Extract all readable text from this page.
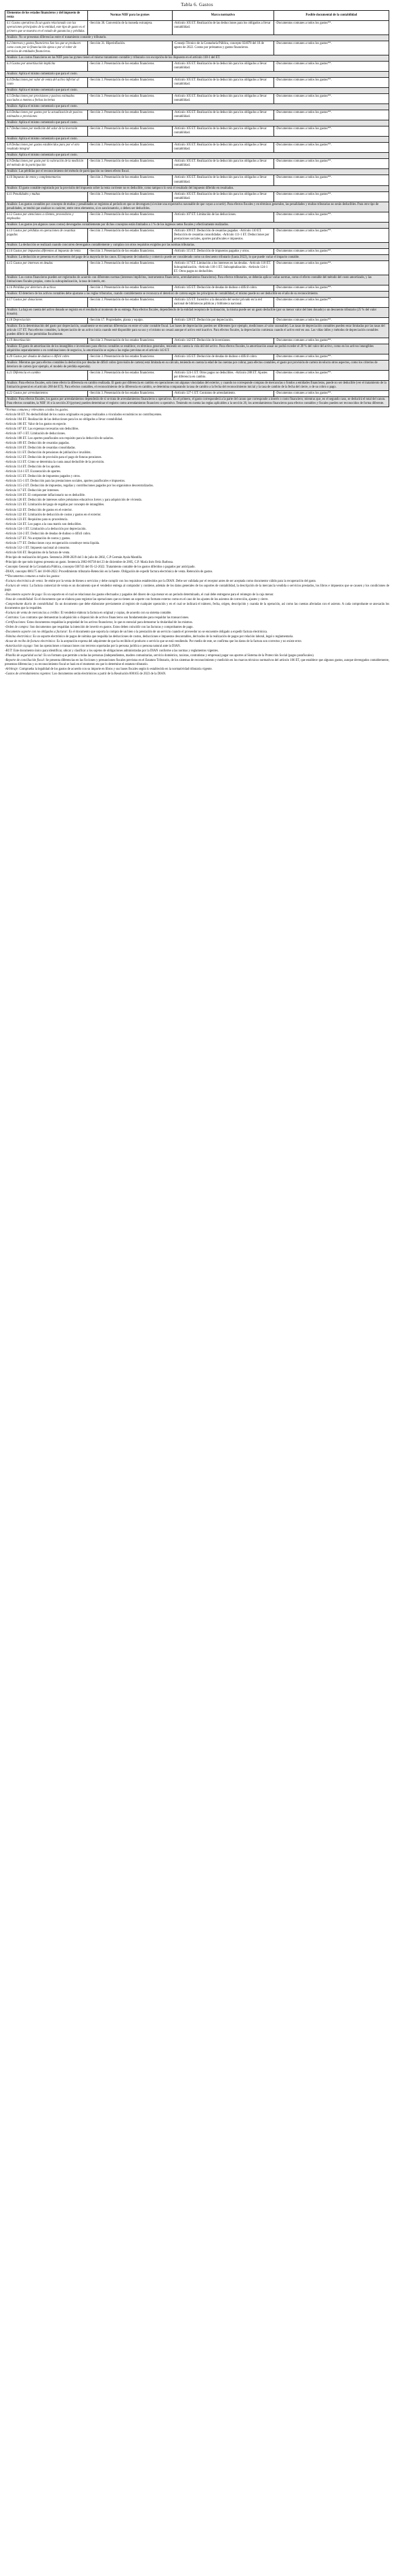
Tabla 6. Gastos

Elementos de los estados financieros y del impuesto de renta	Normas NIIF para las pymes	Marco normativo	Posible documental de la contabilidad
6.1 Gastos operativos Es un gasto relacionado con las operaciones principales de la entidad, este tipo de gasto es el primero que se muestra en el estado de ganancias y pérdidas.	-Sección 30. Conversión de la moneda extranjera.	-Artículo 105 ET. Realización de las deducciones para los obligados a llevar contabilidad.	-Documentos comunes a todos los gastos**.
Análisis: No se presentan diferencias entre el tratamiento contable y tributario.			
6.2 Intereses y gastos financieros Son los que se producen como costo por la financiación ajena o por el rober de servicios de entidades financieras.	-Sección 31. Hiperinflación.	-Consejo Técnico de la Contaduría Pública, concepto 024078 del 18 de agosto de 2022. Costos por préstamos y gastos financieros.	-Documentos comunes a todos los gastos**.
Análisis: Los costos financieros en las NIIF para las pymes tienen el mismo tratamiento contable y tributario con excepción de los dispuesto en el artículo 118-1 del ET.			
6.3 Gastos por amortización implícita	-Sección 3. Presentación de los estados financieros.	-Artículo 105 ET. Realización de la deducción para los obligados a llevar contabilidad.	-Documentos comunes a todos los gastos**.
Análisis: Aplica el mismo comentario que para el costo.			
6.4 Deducciones por valor de venta del activo inferior al costo	-Sección 3. Presentación de los estados financieros.	-Artículo 105 ET. Realización de la deducción para los obligados a llevar contabilidad.	-Documentos comunes a todos los gastos**.
Análisis: Aplica el mismo comentario que para el costo.			
6.5 Deducciones por provisiones y pasivos estimados asociados a montos a fechas inciertas	-Sección 3. Presentación de los estados financieros.	-Artículo 105 ET. Realización de la deducción para los obligados a llevar contabilidad.	-Documentos comunes a todos los gastos**.
Análisis: Aplica el mismo comentario que para el costo.			
6.6 Deducciones por gastos por la actualización de pasivos estimados o provisiones	-Sección 3. Presentación de los estados financieros.	-Artículo 105 ET. Realización de la deducción para los obligados a llevar contabilidad.	-Documentos comunes a todos los gastos**.
Análisis: Aplica el mismo comentario que para el costo.			
6.7 Deducciones por medición del valor de la inversión	-Sección 3. Presentación de los estados financieros.	-Artículo 105 ET. Realización de la deducción para los obligados a llevar contabilidad.	-Documentos comunes a todos los gastos**.
Análisis: Aplica el mismo comentario que para el costo.			
6.8 Deducciones por gastos establecidos para por el otro resultado integral	-Sección 3. Presentación de los estados financieros.	-Artículo 105 ET. Realización de la deducción para los obligados a llevar contabilidad.	-Documentos comunes a todos los gastos**.
Análisis: Aplica el mismo comentario que para el costo.			
6.9 Deducciones por gasto por la valoración de la medición del método de la participación	-Sección 3. Presentación de los estados financieros.	-Artículo 105 ET. Realización de la deducción para los obligados a llevar contabilidad.	-Documentos comunes a todos los gastos**.
Análisis: Las pérdidas por el reconocimiento del método de participación no tienen efecto fiscal.			
6.10 Impuesto de renta y complementarios	-Sección 3. Presentación de los estados financieros.	-Artículo 105 ET. Realización de la deducción para los obligados a llevar contabilidad.	-Documentos comunes a todos los gastos**.
Análisis: El gasto contable registrado por la provisión del impuesto sobre la renta corriente no es deducible, como tampoco lo será el resultado del impuesto diferido en resultados.			
6.11 Penalidades y multas	-Sección 3. Presentación de los estados financieros.	-Artículo 105 ET. Realización de la deducción para los obligados a llevar contabilidad.	-Documentos comunes a todos los gastos**.
Análisis: Los gastos contables por concepto de multas y penalidades se registran al período en que se devenguen (si existe una expectativa razonable de que vayan a ocurrir). Para efectos fiscales y en términos generales, las penalidades y multas tributarias no serán deducibles. Para otro tipo de penalidades, se tendrá que analizar su carácter, entre otros elementos, si es sancionatorio, o deben ser deducibles.			
6.12 Gastos por atenciones a clientes, proveedores y empleados	-Sección 3. Presentación de los estados financieros.	-Artículo 107 ET. Limitación de las deducciones.	-Documentos comunes a todos los gastos**.
Análisis: Los gastos (en algunos casos costos) devengados contablemente por dichos conceptos están limitados a 1 % de los ingresos netos fiscales y efectivamente realizados.			
6.13 Gastos por pérdidas en operaciones de cesantías pagadas	-Sección 3. Presentación de los estados financieros.	-Artículo 109 ET. Deducción de cesantías pagadas. -Artículo 110 ET. Deducción de cesantías consolidadas. -Artículo 111-1 ET. Deducciones por prestaciones sociales, aportes parafiscales e impuestos.	-Documentos comunes a todos los gastos**.
Análisis: La deducción se realizará cuando concurren devengados contablemente y cumplan con otros requisitos exigidos por las normas tributarias.			
6.14 Gastos por impuestos diferentes al impuesto de renta	-Sección 3. Presentación de los estados financieros.	-Artículo 115 ET. Deducción de impuestos pagados y otros.	-Documentos comunes a todos los gastos**.
Análisis: La deducción se presenta en el momento del pago de la mayoría de los casos. El impuesto de industria y comercio puede ser considerado como un descuento tributario (hasta 2022), lo que puede variar el impacto contable.			
6.15 Gastos por intereses en deudas	-Sección 3. Presentación de los estados financieros.	-Artículo 117 ET. Limitación a los intereses en las deudas. -Artículo 118 ET. Subcapitalización. -Artículo 118-1 ET. Subcapitalización. -Artículo 124-1 ET. Otros pagos no deducibles.	-Documentos comunes a todos los gastos**.
Análisis: Los costos financieros pueden ser registrados de acuerdo con diferentes normas (intereses implícitos, instrumentos financieros, arrendamientos financieros). Para efectos tributarios, se deberán aplicar varias normas, como el efecto contable del método del costo amortizado, y las limitaciones fiscales propias, como la subcapitalización, la tasa de interés, etc.			
6.16 Pérdidas por deterioro de activos	-Sección 3. Presentación de los estados financieros.	-Artículo 145 ET. Deducción de deudas de dudoso o difícil cobro.	-Documentos comunes a todos los gastos**.
Análisis: El deterioro de los activos contables debe ajustarse a las reglas tributarias, cuando contablemente se reconozca el deterioro de cartera según los principios de contabilidad, el mismo puede no ser deducible en el año de su reconocimiento.			
6.17 Gastos por donaciones	-Sección 3. Presentación de los estados financieros.	-Artículo 125 ET. Incentivo a la donación del sector privado en la red nacional de bibliotecas públicas y biblioteca nacional.	-Documentos comunes a todos los gastos**.
Análisis: La baja en cuenta del activo donado se registra en el resultado al momento de su entrega. Para efectos fiscales, dependiendo de la entidad receptora de la donación, la misma puede ser un gasto deducible (por su menor valor del bien donado) o un descuento tributario (25 % del valor donado).			
6.18 Depreciación	-Sección 17. Propiedades, planta y equipo.	-Artículo 128 ET. Deducción por depreciación.	-Documentos comunes a todos los gastos**.
Análisis: En la determinación del gasto por depreciación, usualmente se encuentran diferencias en entre el valor contable fiscal. Las bases de depreciación pueden ser diferentes (por ejemplo, mediciones al valor razonable). Las tasas de depreciación contables pueden estar limitadas por las tasas del artículo 137 ET. Para efectos contables, la depreciación de un activo inicia cuando esté disponible para su uso y el mismo no cesará aunque el activo esté inactivo. Para efectos fiscales, la depreciación comienza cuando el activo esté en uso. Las vidas útiles y métodos de depreciación contables pueden diferir de las permitidas fiscalmente.			
6.19 Amortización	-Sección 3. Presentación de los estados financieros.	-Artículo 142 ET. Deducción de inversiones.	-Documentos comunes a todos los gastos**.
Análisis: El gasto de amortización de los intangibles e inversiones para efectos contables se establece, en términos generales, teniendo en cuenta la vida útil del activo. Para efectos fiscales, la amortización anual no podrá exceder el 20 % del valor del activo, como en los activos intangibles adquiridos separadamente o en combinaciones de negocios, la amortización se sujeta a las reglas previstas en el artículo 143 ET.			
6.20 Gastos por deudas de dudoso o difícil cobro	-Sección 3. Presentación de los estados financieros.	-Artículo 145 ET. Deducción de deudas de dudoso o difícil cobro.	-Documentos comunes a todos los gastos**.
Análisis: Mientras que para efectos contables la deducción por deudas de difícil cobro (provisión de cartera) está limitada en su cálculo, teniendo en cuenta la edad de las cuentas por cobrar, para efectos contables, el gasto por provisión de cartera involucra otros aspectos, como los criterios de deterioro de cartera (por ejemplo, el modelo de pérdida esperada).			
6.21 Diferencia en cambio	-Sección 3. Presentación de los estados financieros.	-Artículo 124-1 ET. Otros pagos no deducibles. -Artículo 288 ET. Ajustes por diferencia en cambio.	-Documentos comunes a todos los gastos**.
Análisis: Para efectos fiscales, solo tiene efecto la diferencia en cambio realizada. El gasto por diferencia en cambio en operaciones con algunas vinculadas del exterior, y cuando no corresponde compras de mercancías o fondos a entidades financieras, puede no ser deducible (ver el tratamiento de la limitación general en el artículo 288 del ET). Para efectos contables, el reconocimiento de la diferencia en cambio, se determina comparando la tasa de cambio a la fecha del reconocimiento inicial y la tasa de cambio de la fecha del cierre, o de su cobro o pago.			
6.22 Gastos por arrendamientos	-Sección 3. Presentación de los estados financieros.	-Artículo 127-1 ET. Contratos de arrendamiento.	-Documentos comunes a todos los gastos**.
Análisis: Para efectos fiscales, los gastos por arrendamientos dependerán de si se trata de arrendamientos financieros u operativos. En el primero, el gasto corresponderá a la parte del canon que corresponde a interés o costo financiero; mientras que, en el segundo caso, se deducirá el total del canon. Para efectos contables, la NIIF 16 o la sección 20 (pymes) pueden determinar el registro como arrendamiento financiero u operativo. Teniendo en cuenta las reglas aplicables a la sección 20, los arrendamientos financieros para efectos contables y fiscales pueden ser reconocidos de forma diferente.			

*Normas comunes y relevantes a todos los gastos.

-Artículo 60 ET. No deducibilidad de los costos originados en pagos realizados a vinculados económicos no contribuyentes.

-Artículo 104 ET. Realización de las deducciones para los no obligados a llevar contabilidad.

-Artículo 106 ET. Valor de los gastos en especie.

-Artículo 107 ET. Las expensas necesarias son deducibles.

-Artículo 107-1 ET. Limitación de deducciones.

-Artículo 108 ET. Los aportes parafiscales son requisito para la deducción de salarios.

-Artículo 109 ET. Deducción de cesantías pagadas.

-Artículo 110 ET. Deducción de cesantías consolidadas.

-Artículo 111 ET. Deducción de pensiones de jubilación e invalidez.

-Artículo 112 ET. Deducción de provisión para el pago de futuras pensiones.

-Artículo 113 ET. Cómo se determina la cuota anual deducible de la provisión.

-Artículo 114 ET. Deducción de los aportes.

-Artículo 114-1 ET. Exoneración de aportes.

-Artículo 115 ET. Deducción de impuestos pagados y otros.

-Artículo 115-1 ET. Deducción para las prestaciones sociales, aportes parafiscales e impuestos.

-Artículo 115-2 ET. Deducción de impuestos, regalías y contribuciones pagados por los organismos descentralizados.

-Artículo 117 ET. Deducción por intereses.

-Artículo 118 ET. El componente inflacionario no es deducible.

-Artículo 120 ET. Deducción de intereses sobre préstamos educativos Icetex y para adquisición de vivienda.

-Artículo 121 ET. Limitación del pago de regalías por concepto de intangibles.

-Artículo 122 ET. Deducción de gastos en el exterior.

-Artículo 122 ET. Limitación de deducción de costos y gastos en el exterior.

-Artículo 123 ET. Requisitos para su procedencia.

-Artículo 124 ET. Los pagos a la casa matriz son deducibles.

-Artículo 124-1 ET. Limitación a la deducción por depreciación.

-Artículo 124-2 ET. Deducción de deudas de dudoso o difícil cobro.

-Artículo 127 ET. No aceptación de costos y gastos.

-Artículo 177 ET. Deducciones cuya recuperación constituye renta líquida.

-Artículo 512-1 ET. Impuesto nacional al consumo.

-Artículo 616 ET. Requisitos de la factura de venta.

-Principio de realización del gasto. Sentencia 2008-2029 del 3 de julio de 2002, C.P Germán Ayala Mantilla.

-Principio de que todo ingreso presenta un gasto. Sentencia 2002-00738 del 23 de diciembre de 2005, C.P. María Inés Ortiz Barbosa.

-Concepto General de la Contaduría Pública, concepto 036743 del 05-12-2022. Tratamiento contable de los gastos diferidos o pagados por anticipado.

-DIAN, concepto 006175 del 10-08-2022. Procedimiento tributario-Retención en la fuente. Obligación de expedir factura electrónica de venta. Retención de gastos.

**Documentos comunes a todos los gastos:

-Factura electrónica de venta: Se emite por la venta de bienes o servicios y debe cumplir con los requisitos establecidos por la DIAN. Debe ser validada por el receptor antes de ser aceptada como documento válido para la recuperación del gasto.

-Factura de venta: La factura comercial de venta es un documento que el vendedor entrega al comprador y contiene, además de los datos generales de los soportes de contabilidad, la descripción de la mercancía vendida o servicios prestados, los libros e impuestos que se causen y los condiciones de pago.

-Documento soporte de pago: Es un soporte en el cual se relacionan los gastos efectuados y pagados del dinero de caja menor en un periodo determinado, el cual debe entregarse para el reintegro de la caja menor.

-Nota de contabilidad: Es el documento que se elabora para registrar las operaciones que no tienen un soporte con formato externo como en el caso de los ajustes de los asientos de corrección, ajustes y cierre.

-Comprobante diario de contabilidad: Es un documento que debe elaborarse previamente al registro de cualquier operación y en el cual se indicará el número, fecha, origen, descripción y cuantía de la operación, así como las cuentas afectadas con el asiento. A cada comprobante se anexarán los documentos que la respalden.

-Factura de venta de mercancías a crédito: El vendedor elabora la factura en original y copias, de acuerdo con su sistema contable.

-Contratos: Los contratos que demuestran la adquisición o disposición de activos financieros son fundamentales para respaldar las transacciones.

-Certificaciones: Estos documentos respaldan la propiedad de los activos financieros; lo que es esencial para demostrar la titularidad de los mismos.

-Orden de compra: Son documentos que respaldan la intención de invertir en gastos. Estos deben coincidir con las facturas y comprobantes de pago.

-Documento soporte con no obligados a facturar: Es el documento que soporta la compra de un bien o la prestación de un servicio cuando el proveedor no se encuentre obligado a expedir factura electrónica.

-Nómina electrónica: Es un soporte electrónico de pagos de nómina que respalda las deducciones de costos, deducciones e impuestos descontables, derivados de la realización de pagos por relación laboral, legal o reglamentaria.

-Acuse de recibo de factura electrónica: Es la aceptación expresa del adquirente de que ha recibido el producto o servicio que se está vendiendo. Por medio de este, se confirma que los datos de la factura son correctos y no existe error.

-Autorización cuyago: Son las operaciones o transacciones con terceros soportadas por la persona jurídica o persona natural ante la DIAN.

-RUT: Este documento único para identificar, ubicar y clasificar a los sujetos de obligaciones administradas por la DIAN conforme a las normas y reglamentos vigentes.

-Planilla de seguridad social: Es un formato que permite a todas las personas (independientes, madres comunitarias, servicio doméstico, taxistas, contratistas y empresas) pagar sus aportes al Sistema de la Protección Social (pagos parafiscales).

-Reporte de conciliación fiscal: Se presenta diferencias en las ficciones y presunciones fiscales previstas en el Estatuto Tributario, de los sistemas de reconocimiento y medición en los marcos técnicos normativos del artículo 106 ET, que establece que algunos gastos, aunque devengados contablemente, presentan diferencias y su reconocimiento fiscal se hará en el momento en que lo determine el estatuto tributario.

-Arbitraje: Comprueba la legalidad de los gastos de acuerdo con su importe en libros y sus bases fiscales según lo establecido en la normatividad tributaria vigente.

-Gastos de arrendamientos vigentes: Los documentos serán electrónicos a partir de la Resolución 000165 de 2023 de la DIAN.
